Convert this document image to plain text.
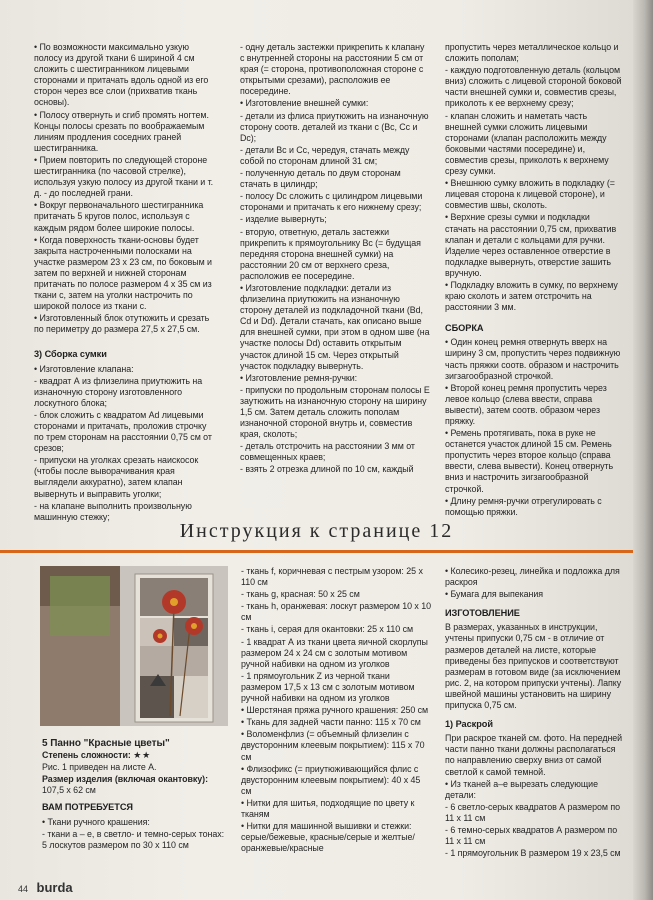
• По возможности максимально узкую полосу из другой ткани 6 шириной 4 см сложить с шестигранником лицевыми сторонами и притачать вдоль одной из его сторон через все слои (прихватив ткань основы).

• Полосу отвернуть и сгиб промять ногтем. Концы полосы срезать по воображаемым линиям продления соседних граней шестигранника.

• Прием повторить по следующей стороне шестигранника (по часовой стрелке), используя узкую полосу из другой ткани и т. д. - до последней грани.

• Вокруг первоначального шестигранника притачать 5 кругов полос, используя с каждым рядом более широкие полосы.

• Когда поверхность ткани-основы будет закрыта настроченными полосками на участке размером 23 х 23 см, по боковым и затем по верхней и нижней сторонам притачать по полосе размером 4 х 35 см из ткани с, затем на уголки настрочить по широкой полосе из ткани с.

• Изготовленный блок отутюжить и срезать по периметру до размера 27,5 х 27,5 см.

3) Сборка сумки

• Изготовление клапана:

- квадрат А из флизелина приутюжить на изнаночную сторону изготовленного лоскутного блока;

- блок сложить с квадратом Аd лицевыми сторонами и притачать, проложив строчку по трем сторонам на расстоянии 0,75 см от срезов;

- припуски на уголках срезать наискосок (чтобы после выворачивания края выглядели аккуратно), затем клапан вывернуть и выправить уголки;

- на клапане выполнить произвольную машинную стежку;

- одну деталь застежки прикрепить к клапану с внутренней стороны на расстоянии 5 см от края (= сторона, противоположная стороне с открытыми срезами), расположив ее посередине.

• Изготовление внешней сумки:

- детали из флиса приутюжить на изнаночную сторону соотв. деталей из ткани с (Вс, Сс и Dc);

- детали Вс и Сс, чередуя, стачать между собой по сторонам длиной 31 см;

- полученную деталь по двум сторонам стачать в цилиндр;

- полосу Dc сложить с цилиндром лицевыми сторонами и притачать к его нижнему срезу;

- изделие вывернуть;

- вторую, ответную, деталь застежки прикрепить к прямоугольнику Вс (= будущая передняя сторона внешней сумки) на расстоянии 20 см от верхнего среза, расположив ее посередине.

• Изготовление подкладки: детали из флизелина приутюжить на изнаночную сторону деталей из подкладочной ткани (Bd, Cd и Dd). Детали стачать, как описано выше для внешней сумки, при этом в одном шве (на участке полосы Dd) оставить открытым участок длиной 15 см. Через открытый участок подкладку вывернуть.

• Изготовление ремня-ручки:

- припуски по продольным сторонам полосы Е заутюжить на изнаночную сторону на ширину 1,5 см. Затем деталь сложить пополам изнаночной стороной внутрь и, совместив края, сколоть;

- деталь отстрочить на расстоянии 3 мм от совмещенных краев;

- взять 2 отрезка длиной по 10 см, каждый

пропустить через металлическое кольцо и сложить пополам;

- каждую подготовленную деталь (кольцом вниз) сложить с лицевой стороной боковой части внешней сумки и, совместив срезы, приколоть к ее верхнему срезу;

- клапан сложить и наметать часть внешней сумки сложить лицевыми сторонами (клапан расположить между боковыми частями посередине) и, совместив срезы, приколоть к верхнему срезу сумки.

• Внешнюю сумку вложить в подкладку (= лицевая сторона к лицевой стороне), и совместив швы, сколоть.

• Верхние срезы сумки и подкладки стачать на расстоянии 0,75 см, прихватив клапан и детали с кольцами для ручки. Изделие через оставленное отверстие в подкладке вывернуть, отверстие зашить вручную.

• Подкладку вложить в сумку, по верхнему краю сколоть и затем отстрочить на расстоянии 3 мм.

СБОРКА

• Один конец ремня отвернуть вверх на ширину 3 см, пропустить через подвижную часть пряжки соотв. образом и настрочить зигзагообразной строчкой.

• Второй конец ремня пропустить через левое кольцо (слева ввести, справа вывести), затем соотв. образом через пряжку.

• Ремень протягивать, пока в руке не останется участок длиной 15 см. Ремень пропустить через второе кольцо (справа ввести, слева вывести). Конец отвернуть вниз и настрочить зигзагообразной строчкой.

• Длину ремня-ручки отрегулировать с помощью пряжки.

Инструкция к странице 12

5 Панно "Красные цветы"

Степень сложности: ★★

Рис. 1 приведен на листе А.

Размер изделия (включая окантовку): 107,5 х 62 см

ВАМ ПОТРЕБУЕТСЯ

• Ткани ручного крашения:

- ткани а – е, в светло- и темно-серых тонах: 5 лоскутов размером по 30 х 110 см

- ткань f, коричневая с пестрым узором: 25 х 110 см

- ткань g, красная: 50 x 25 см

- ткань h, оранжевая: лоскут размером 10 х 10 см

- ткань i, серая для окантовки: 25 х 110 см

- 1 квадрат А из ткани цвета яичной скорлупы размером 24 х 24 см с золотым мотивом ручной набивки на одном из уголков

- 1 прямоугольник Z из черной ткани размером 17,5 х 13 см с золотым мотивом ручной набивки на одном из уголков

• Шерстяная пряжа ручного крашения: 250 см

• Ткань для задней части панно: 115 х 70 см

• Воломенфлиз (= объемный флизелин с двусторонним клеевым покрытием): 115 х 70 см

• Флизофикс (= приутюживающийся флис с двусторонним клеевым покрытием): 40 х 45 см

• Нитки для шитья, подходящие по цвету к тканям

• Нитки для машинной вышивки и стежки: серые/бежевые, красные/серые и желтые/оранжевые/красные

• Колесико-резец, линейка и подложка для раскроя

• Бумага для выпекания

ИЗГОТОВЛЕНИЕ

В размерах, указанных в инструкции, учтены припуски 0,75 см - в отличие от размеров деталей на листе, которые приведены без припусков и соответствуют размерам в готовом виде (за исключением рис. 2, на котором припуски учтены). Лапку швейной машины установить на ширину припуска 0,75 см.

1) Раскрой

При раскрое тканей см. фото. На передней части панно ткани должны располагаться по направлению сверху вниз от самой светлой к самой темной.

• Из тканей а–е вырезать следующие детали:

- 6 светло-серых квадратов А размером по 11 х 11 см

- 6 темно-серых квадратов А размером по 11 х 11 см

- 1 прямоугольник В размером 19 х 23,5 см

44 burda
